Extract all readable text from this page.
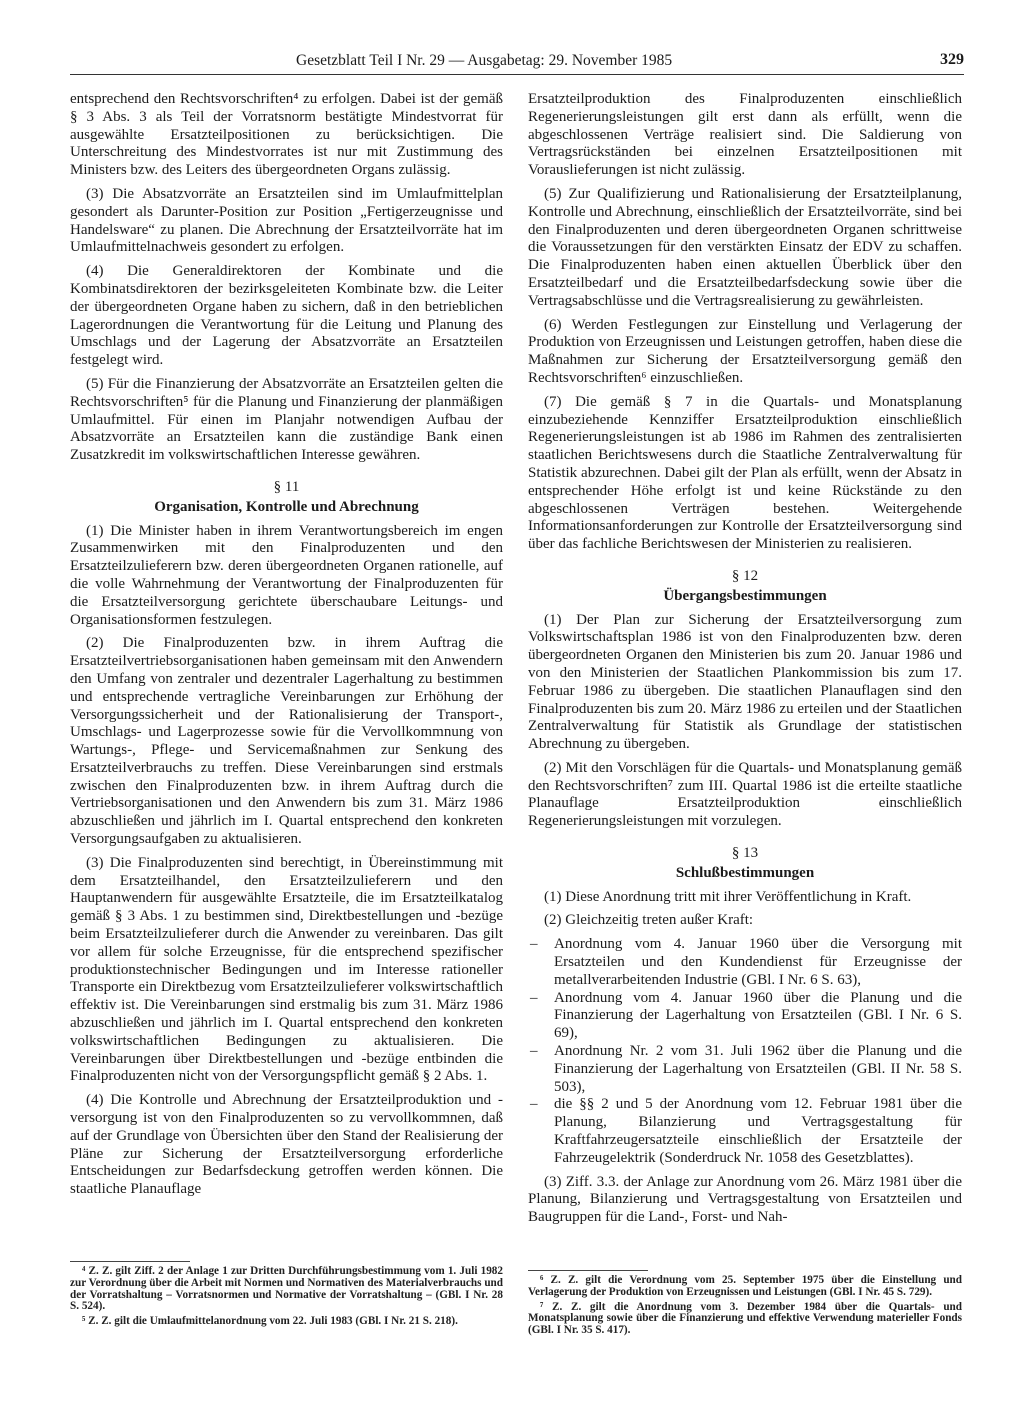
Gesetzblatt Teil I Nr. 29 — Ausgabetag: 29. November 1985	329

entsprechend den Rechtsvorschriften⁴ zu erfolgen. Dabei ist der gemäß § 3 Abs. 3 als Teil der Vorratsnorm bestätigte Mindestvorrat für ausgewählte Ersatzteilpositionen zu berücksichtigen. Die Unterschreitung des Mindestvorrates ist nur mit Zustimmung des Ministers bzw. des Leiters des übergeordneten Organs zulässig.

(3) Die Absatzvorräte an Ersatzteilen sind im Umlaufmittelplan gesondert als Darunter-Position zur Position „Fertigerzeugnisse und Handelsware“ zu planen. Die Abrechnung der Ersatzteilvorräte hat im Umlaufmittelnachweis gesondert zu erfolgen.

(4) Die Generaldirektoren der Kombinate und die Kombinatsdirektoren der bezirksgeleiteten Kombinate bzw. die Leiter der übergeordneten Organe haben zu sichern, daß in den betrieblichen Lagerordnungen die Verantwortung für die Leitung und Planung des Umschlags und der Lagerung der Absatzvorräte an Ersatzteilen festgelegt wird.

(5) Für die Finanzierung der Absatzvorräte an Ersatzteilen gelten die Rechtsvorschriften⁵ für die Planung und Finanzierung der planmäßigen Umlaufmittel. Für einen im Planjahr notwendigen Aufbau der Absatzvorräte an Ersatzteilen kann die zuständige Bank einen Zusatzkredit im volkswirtschaftlichen Interesse gewähren.

§ 11

Organisation, Kontrolle und Abrechnung

(1) Die Minister haben in ihrem Verantwortungsbereich im engen Zusammenwirken mit den Finalproduzenten und den Ersatzteilzulieferern bzw. deren übergeordneten Organen rationelle, auf die volle Wahrnehmung der Verantwortung der Finalproduzenten für die Ersatzteilversorgung gerichtete überschaubare Leitungs- und Organisationsformen festzulegen.

(2) Die Finalproduzenten bzw. in ihrem Auftrag die Ersatzteilvertriebsorganisationen haben gemeinsam mit den Anwendern den Umfang von zentraler und dezentraler Lagerhaltung zu bestimmen und entsprechende vertragliche Vereinbarungen zur Erhöhung der Versorgungssicherheit und der Rationalisierung der Transport-, Umschlags- und Lagerprozesse sowie für die Vervollkommnung von Wartungs-, Pflege- und Servicemaßnahmen zur Senkung des Ersatzteilverbrauchs zu treffen. Diese Vereinbarungen sind erstmals zwischen den Finalproduzenten bzw. in ihrem Auftrag durch die Vertriebsorganisationen und den Anwendern bis zum 31. März 1986 abzuschließen und jährlich im I. Quartal entsprechend den konkreten Versorgungsaufgaben zu aktualisieren.

(3) Die Finalproduzenten sind berechtigt, in Übereinstimmung mit dem Ersatzteilhandel, den Ersatzteilzulieferern und den Hauptanwendern für ausgewählte Ersatzteile, die im Ersatzteilkatalog gemäß § 3 Abs. 1 zu bestimmen sind, Direktbestellungen und -bezüge beim Ersatzteilzulieferer durch die Anwender zu vereinbaren. Das gilt vor allem für solche Erzeugnisse, für die entsprechend spezifischer produktionstechnischer Bedingungen und im Interesse rationeller Transporte ein Direktbezug vom Ersatzteilzulieferer volkswirtschaftlich effektiv ist. Die Vereinbarungen sind erstmalig bis zum 31. März 1986 abzuschließen und jährlich im I. Quartal entsprechend den konkreten volkswirtschaftlichen Bedingungen zu aktualisieren. Die Vereinbarungen über Direktbestellungen und -bezüge entbinden die Finalproduzenten nicht von der Versorgungspflicht gemäß § 2 Abs. 1.

(4) Die Kontrolle und Abrechnung der Ersatzteilproduktion und -versorgung ist von den Finalproduzenten so zu vervollkommnen, daß auf der Grundlage von Übersichten über den Stand der Realisierung der Pläne zur Sicherung der Ersatzteilversorgung erforderliche Entscheidungen zur Bedarfsdeckung getroffen werden können. Die staatliche Planauflage

⁴ Z. Z. gilt Ziff. 2 der Anlage 1 zur Dritten Durchführungsbestimmung vom 1. Juli 1982 zur Verordnung über die Arbeit mit Normen und Normativen des Materialverbrauchs und der Vorratshaltung – Vorratsnormen und Normative der Vorratshaltung – (GBl. I Nr. 28 S. 524).

⁵ Z. Z. gilt die Umlaufmittelanordnung vom 22. Juli 1983 (GBl. I Nr. 21 S. 218).

Ersatzteilproduktion des Finalproduzenten einschließlich Regenerierungsleistungen gilt erst dann als erfüllt, wenn die abgeschlossenen Verträge realisiert sind. Die Saldierung von Vertragsrückständen bei einzelnen Ersatzteilpositionen mit Vorauslieferungen ist nicht zulässig.

(5) Zur Qualifizierung und Rationalisierung der Ersatzteilplanung, Kontrolle und Abrechnung, einschließlich der Ersatzteilvorräte, sind bei den Finalproduzenten und deren übergeordneten Organen schrittweise die Voraussetzungen für den verstärkten Einsatz der EDV zu schaffen. Die Finalproduzenten haben einen aktuellen Überblick über den Ersatzteilbedarf und die Ersatzteilbedarfsdeckung sowie über die Vertragsabschlüsse und die Vertragsrealisierung zu gewährleisten.

(6) Werden Festlegungen zur Einstellung und Verlagerung der Produktion von Erzeugnissen und Leistungen getroffen, haben diese die Maßnahmen zur Sicherung der Ersatzteilversorgung gemäß den Rechtsvorschriften⁶ einzuschließen.

(7) Die gemäß § 7 in die Quartals- und Monatsplanung einzubeziehende Kennziffer Ersatzteilproduktion einschließlich Regenerierungsleistungen ist ab 1986 im Rahmen des zentralisierten staatlichen Berichtswesens durch die Staatliche Zentralverwaltung für Statistik abzurechnen. Dabei gilt der Plan als erfüllt, wenn der Absatz in entsprechender Höhe erfolgt ist und keine Rückstände zu den abgeschlossenen Verträgen bestehen. Weitergehende Informationsanforderungen zur Kontrolle der Ersatzteilversorgung sind über das fachliche Berichtswesen der Ministerien zu realisieren.

§ 12

Übergangsbestimmungen

(1) Der Plan zur Sicherung der Ersatzteilversorgung zum Volkswirtschaftsplan 1986 ist von den Finalproduzenten bzw. deren übergeordneten Organen den Ministerien bis zum 20. Januar 1986 und von den Ministerien der Staatlichen Plankommission bis zum 17. Februar 1986 zu übergeben. Die staatlichen Planauflagen sind den Finalproduzenten bis zum 20. März 1986 zu erteilen und der Staatlichen Zentralverwaltung für Statistik als Grundlage der statistischen Abrechnung zu übergeben.

(2) Mit den Vorschlägen für die Quartals- und Monatsplanung gemäß den Rechtsvorschriften⁷ zum III. Quartal 1986 ist die erteilte staatliche Planauflage Ersatzteilproduktion einschließlich Regenerierungsleistungen mit vorzulegen.

§ 13

Schlußbestimmungen

(1) Diese Anordnung tritt mit ihrer Veröffentlichung in Kraft.

(2) Gleichzeitig treten außer Kraft:

– Anordnung vom 4. Januar 1960 über die Versorgung mit Ersatzteilen und den Kundendienst für Erzeugnisse der metallverarbeitenden Industrie (GBl. I Nr. 6 S. 63),
– Anordnung vom 4. Januar 1960 über die Planung und die Finanzierung der Lagerhaltung von Ersatzteilen (GBl. I Nr. 6 S. 69),
– Anordnung Nr. 2 vom 31. Juli 1962 über die Planung und die Finanzierung der Lagerhaltung von Ersatzteilen (GBl. II Nr. 58 S. 503),
– die §§ 2 und 5 der Anordnung vom 12. Februar 1981 über die Planung, Bilanzierung und Vertragsgestaltung für Kraftfahrzeugersatzteile einschließlich der Ersatzteile der Fahrzeugelektrik (Sonderdruck Nr. 1058 des Gesetzblattes).

(3) Ziff. 3.3. der Anlage zur Anordnung vom 26. März 1981 über die Planung, Bilanzierung und Vertragsgestaltung von Ersatzteilen und Baugruppen für die Land-, Forst- und Nah-

⁶ Z. Z. gilt die Verordnung vom 25. September 1975 über die Einstellung und Verlagerung der Produktion von Erzeugnissen und Leistungen (GBl. I Nr. 45 S. 729).

⁷ Z. Z. gilt die Anordnung vom 3. Dezember 1984 über die Quartals- und Monatsplanung sowie über die Finanzierung und effektive Verwendung materieller Fonds (GBl. I Nr. 35 S. 417).
